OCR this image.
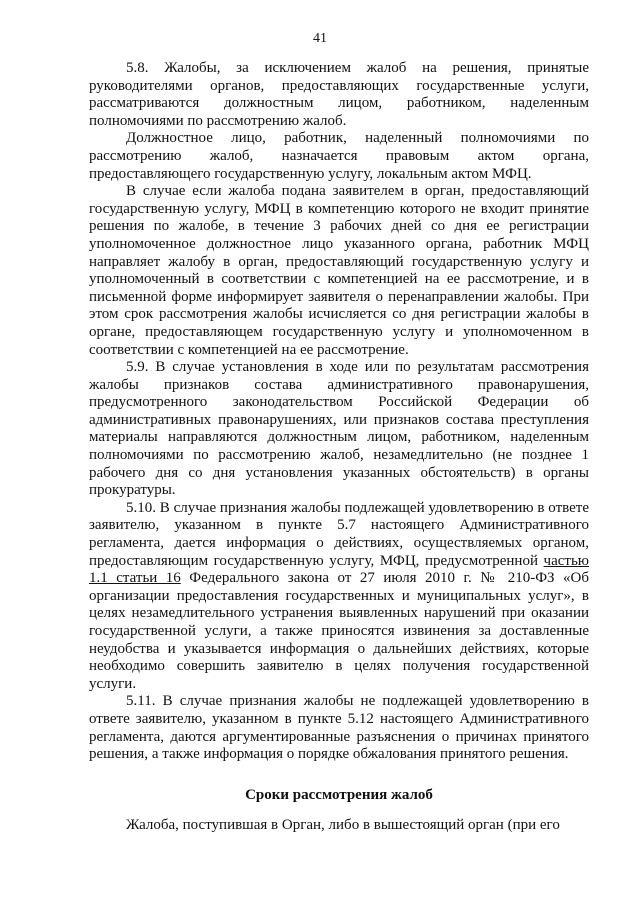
41

5.8. Жалобы, за исключением жалоб на решения, принятые руководителями органов, предоставляющих государственные услуги, рассматриваются должностным лицом, работником, наделенным полномочиями по рассмотрению жалоб.

Должностное лицо, работник, наделенный полномочиями по рассмотрению жалоб, назначается правовым актом органа, предоставляющего государственную услугу, локальным актом МФЦ.

В случае если жалоба подана заявителем в орган, предоставляющий государственную услугу, МФЦ в компетенцию которого не входит принятие решения по жалобе, в течение 3 рабочих дней со дня ее регистрации уполномоченное должностное лицо указанного органа, работник МФЦ направляет жалобу в орган, предоставляющий государственную услугу и уполномоченный в соответствии с компетенцией на ее рассмотрение, и в письменной форме информирует заявителя о перенаправлении жалобы. При этом срок рассмотрения жалобы исчисляется со дня регистрации жалобы в органе, предоставляющем государственную услугу и уполномоченном в соответствии с компетенцией на ее рассмотрение.

5.9. В случае установления в ходе или по результатам рассмотрения жалобы признаков состава административного правонарушения, предусмотренного законодательством Российской Федерации об административных правонарушениях, или признаков состава преступления материалы направляются должностным лицом, работником, наделенным полномочиями по рассмотрению жалоб, незамедлительно (не позднее 1 рабочего дня со дня установления указанных обстоятельств) в органы прокуратуры.

5.10. В случае признания жалобы подлежащей удовлетворению в ответе заявителю, указанном в пункте 5.7 настоящего Административного регламента, дается информация о действиях, осуществляемых органом, предоставляющим государственную услугу, МФЦ, предусмотренной частью 1.1 статьи 16 Федерального закона от 27 июля 2010 г. № 210-ФЗ «Об организации предоставления государственных и муниципальных услуг», в целях незамедлительного устранения выявленных нарушений при оказании государственной услуги, а также приносятся извинения за доставленные неудобства и указывается информация о дальнейших действиях, которые необходимо совершить заявителю в целях получения государственной услуги.

5.11. В случае признания жалобы не подлежащей удовлетворению в ответе заявителю, указанном в пункте 5.12 настоящего Административного регламента, даются аргументированные разъяснения о причинах принятого решения, а также информация о порядке обжалования принятого решения.

Сроки рассмотрения жалоб

Жалоба, поступившая в Орган, либо в вышестоящий орган (при его
